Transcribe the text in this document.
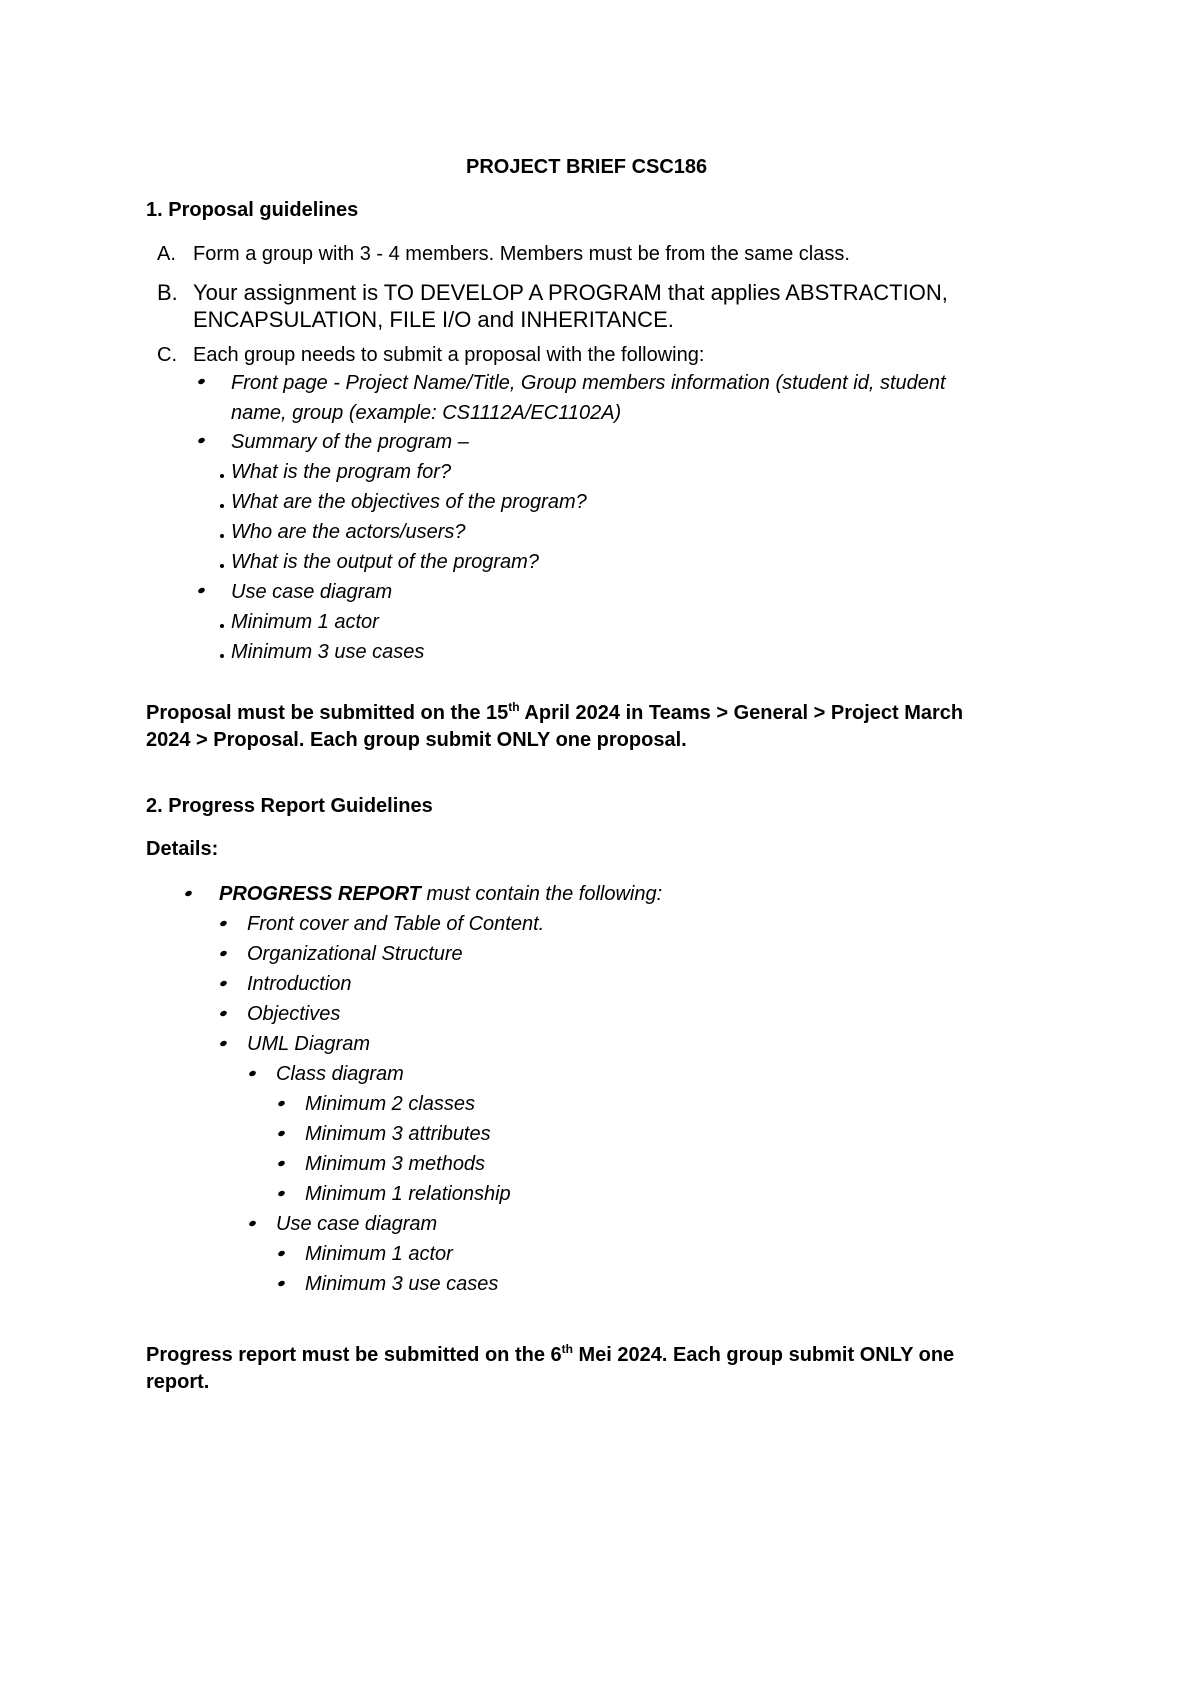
PROJECT BRIEF CSC186
1. Proposal guidelines
A. Form a group with 3 - 4 members. Members must be from the same class.
B. Your assignment is TO DEVELOP A PROGRAM that applies ABSTRACTION,
ENCAPSULATION, FILE I/O and INHERITANCE.
C. Each group needs to submit a proposal with the following:
Front page - Project Name/Title, Group members information (student id, student
name, group (example: CS1112A/EC1102A)
Summary of the program –
What is the program for?
What are the objectives of the program?
Who are the actors/users?
What is the output of the program?
Use case diagram
Minimum 1 actor
Minimum 3 use cases
Proposal must be submitted on the 15th April 2024 in Teams > General > Project March
2024 > Proposal. Each group submit ONLY one proposal.
2. Progress Report Guidelines
Details:
PROGRESS REPORT must contain the following:
Front cover and Table of Content.
Organizational Structure
Introduction
Objectives
UML Diagram
Class diagram
Minimum 2 classes
Minimum 3 attributes
Minimum 3 methods
Minimum 1 relationship
Use case diagram
Minimum 1 actor
Minimum 3 use cases
Progress report must be submitted on the 6th Mei 2024. Each group submit ONLY one
report.
